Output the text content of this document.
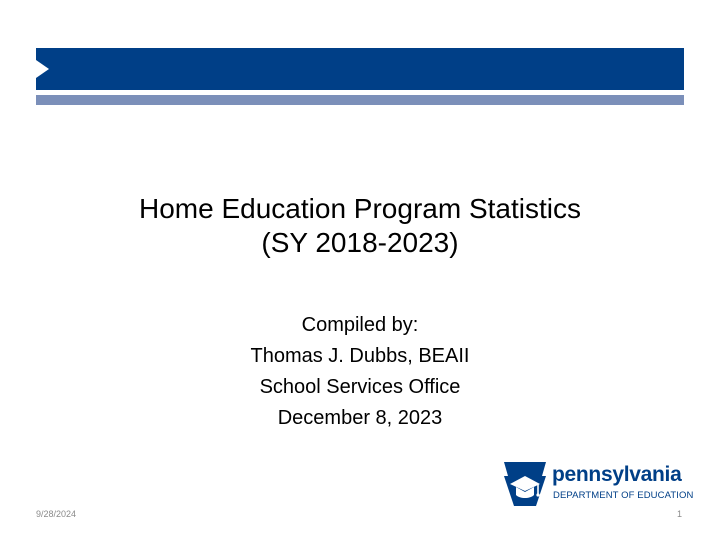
Home Education Program Statistics
(SY 2018-2023)
Compiled by:
Thomas J. Dubbs, BEAII
School Services Office
December 8, 2023
pennsylvania
DEPARTMENT OF EDUCATION
9/28/2024	1
